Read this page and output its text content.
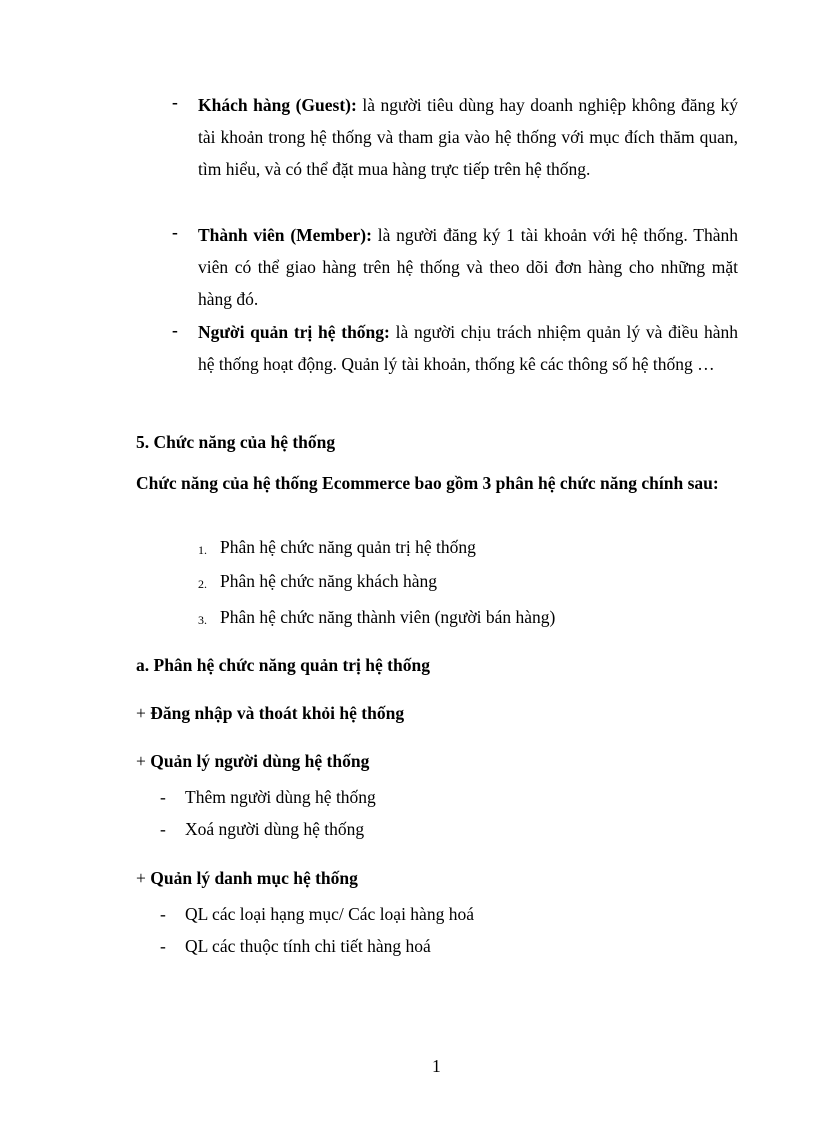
- Khách hàng (Guest): là người tiêu dùng hay doanh nghiệp không đăng ký tài khoản trong hệ thống và tham gia vào hệ thống với mục đích thăm quan, tìm hiểu, và có thể đặt mua hàng trực tiếp trên hệ thống.
- Thành viên (Member): là người đăng ký 1 tài khoản với hệ thống. Thành viên có thể giao hàng trên hệ thống và theo dõi đơn hàng cho những mặt hàng đó.
- Người quản trị hệ thống: là người chịu trách nhiệm quản lý và điều hành hệ thống hoạt động. Quản lý tài khoản, thống kê các thông số hệ thống …
5. Chức năng của hệ thống
Chức năng của hệ thống Ecommerce bao gồm 3 phân hệ chức năng chính sau:
1. Phân hệ chức năng quản trị hệ thống
2. Phân hệ chức năng khách hàng
3. Phân hệ chức năng thành viên (người bán hàng)
a. Phân hệ chức năng quản trị hệ thống
+ Đăng nhập và thoát khỏi hệ thống
+ Quản lý người dùng hệ thống
- Thêm người dùng hệ thống
- Xoá người dùng hệ thống
+ Quản lý danh mục hệ thống
- QL các loại hạng mục/ Các loại hàng hoá
- QL các thuộc tính chi tiết hàng hoá
1
